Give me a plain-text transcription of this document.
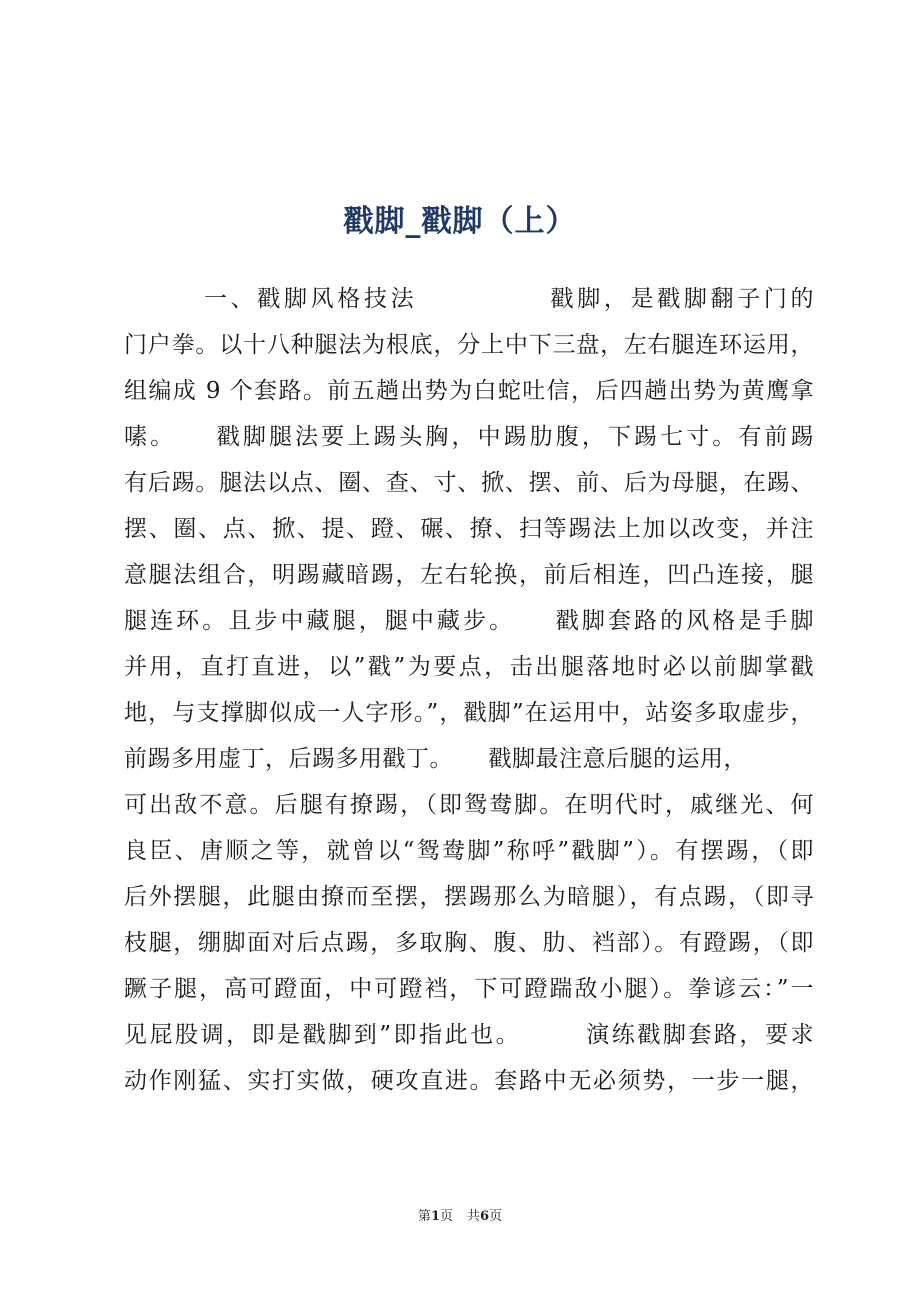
戳脚_戳脚（上）
　　　一、戳脚风格技法　　　　　戳脚，是戳脚翻子门的
门户拳。以十八种腿法为根底，分上中下三盘，左右腿连环运用，
组编成 9 个套路。前五趟出势为白蛇吐信，后四趟出势为黄鹰拿
嗉。　　戳脚腿法要上踢头胸，中踢肋腹，下踢七寸。有前踢
有后踢。腿法以点、圈、查、寸、掀、摆、前、后为母腿，在踢、
摆、圈、点、掀、提、蹬、碾、撩、扫等踢法上加以改变，并注
意腿法组合，明踢藏暗踢，左右轮换，前后相连，凹凸连接，腿
腿连环。且步中藏腿，腿中藏步。　　戳脚套路的风格是手脚
并用，直打直进，以”戳”为要点，击出腿落地时必以前脚掌戳
地，与支撑脚似成一人字形。”，戳脚”在运用中，站姿多取虚步，
前踢多用虚丁，后踢多用戳丁。　　戳脚最注意后腿的运用，
可出敌不意。后腿有撩踢，（即鸳鸯脚。在明代时，戚继光、何
良臣、唐顺之等，就曾以“鸳鸯脚”称呼”戳脚”）。有摆踢，（即
后外摆腿，此腿由撩而至摆，摆踢那么为暗腿），有点踢，（即寻
枝腿，绷脚面对后点踢，多取胸、腹、肋、裆部）。有蹬踢，（即
蹶子腿，高可蹬面，中可蹬裆，下可蹬踹敌小腿）。拳谚云：”一
见屁股调，即是戳脚到”即指此也。　　　演练戳脚套路，要求
动作刚猛、实打实做，硬攻直进。套路中无必须势，一步一腿，
第1页 共6页
